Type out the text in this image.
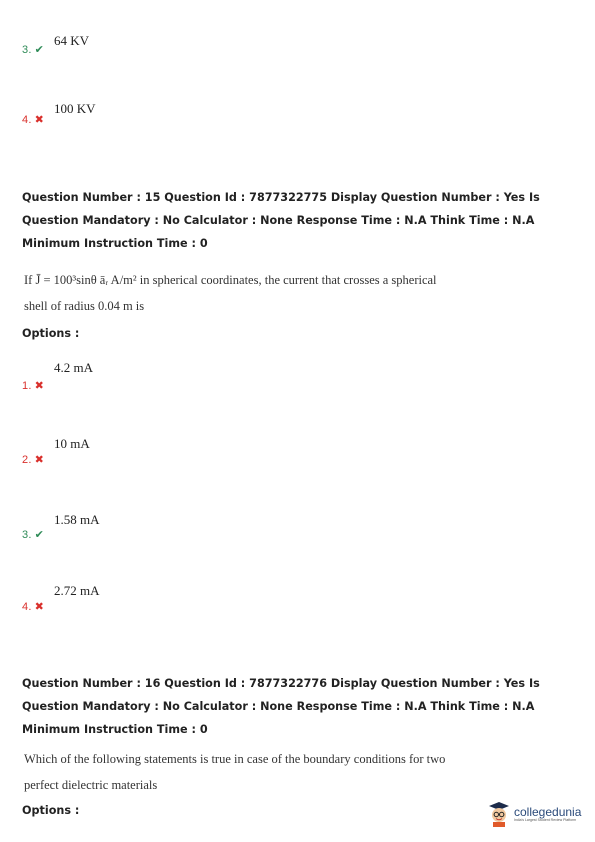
3. ✔
64 KV
4. ✖
100 KV
Question Number : 15 Question Id : 7877322775 Display Question Number : Yes Is Question Mandatory : No Calculator : None Response Time : N.A Think Time : N.A Minimum Instruction Time : 0
If J̄ = 100³sinθ āᵣ A/m² in spherical coordinates, the current that crosses a spherical
shell of radius 0.04 m is
Options :
4.2 mA
1. ✖
10 mA
2. ✖
1.58 mA
3. ✔
2.72 mA
4. ✖
Question Number : 16 Question Id : 7877322776 Display Question Number : Yes Is Question Mandatory : No Calculator : None Response Time : N.A Think Time : N.A Minimum Instruction Time : 0
Which of the following statements is true in case of the boundary conditions for two
perfect dielectric materials
Options :	collegedunia
India's Largest Student Review Platform
